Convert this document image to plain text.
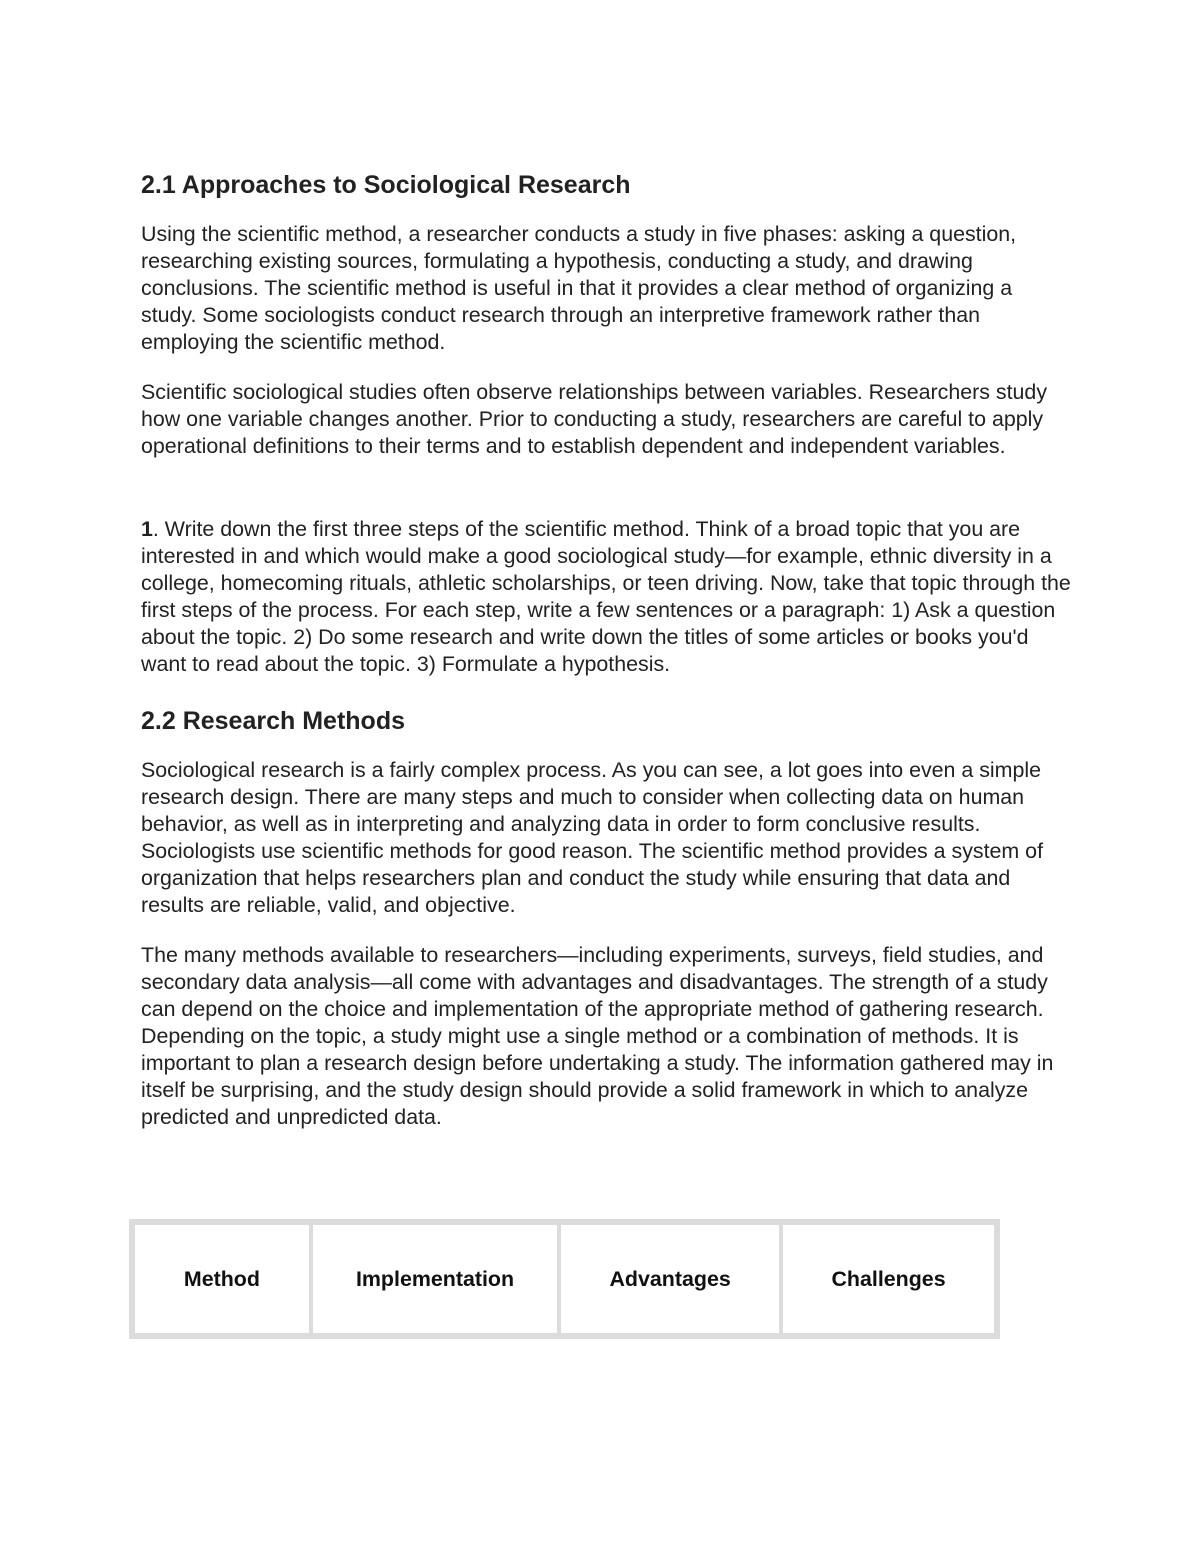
2.1 Approaches to Sociological Research

Using the scientific method, a researcher conducts a study in five phases: asking a question, researching existing sources, formulating a hypothesis, conducting a study, and drawing conclusions. The scientific method is useful in that it provides a clear method of organizing a study. Some sociologists conduct research through an interpretive framework rather than employing the scientific method.

Scientific sociological studies often observe relationships between variables. Researchers study how one variable changes another. Prior to conducting a study, researchers are careful to apply operational definitions to their terms and to establish dependent and independent variables.

1. Write down the first three steps of the scientific method. Think of a broad topic that you are interested in and which would make a good sociological study—for example, ethnic diversity in a college, homecoming rituals, athletic scholarships, or teen driving. Now, take that topic through the first steps of the process. For each step, write a few sentences or a paragraph: 1) Ask a question about the topic. 2) Do some research and write down the titles of some articles or books you'd want to read about the topic. 3) Formulate a hypothesis.

2.2 Research Methods

Sociological research is a fairly complex process. As you can see, a lot goes into even a simple research design. There are many steps and much to consider when collecting data on human behavior, as well as in interpreting and analyzing data in order to form conclusive results. Sociologists use scientific methods for good reason. The scientific method provides a system of organization that helps researchers plan and conduct the study while ensuring that data and results are reliable, valid, and objective.

The many methods available to researchers—including experiments, surveys, field studies, and secondary data analysis—all come with advantages and disadvantages. The strength of a study can depend on the choice and implementation of the appropriate method of gathering research. Depending on the topic, a study might use a single method or a combination of methods. It is important to plan a research design before undertaking a study. The information gathered may in itself be surprising, and the study design should provide a solid framework in which to analyze predicted and unpredicted data.

Method	Implementation	Advantages	Challenges
